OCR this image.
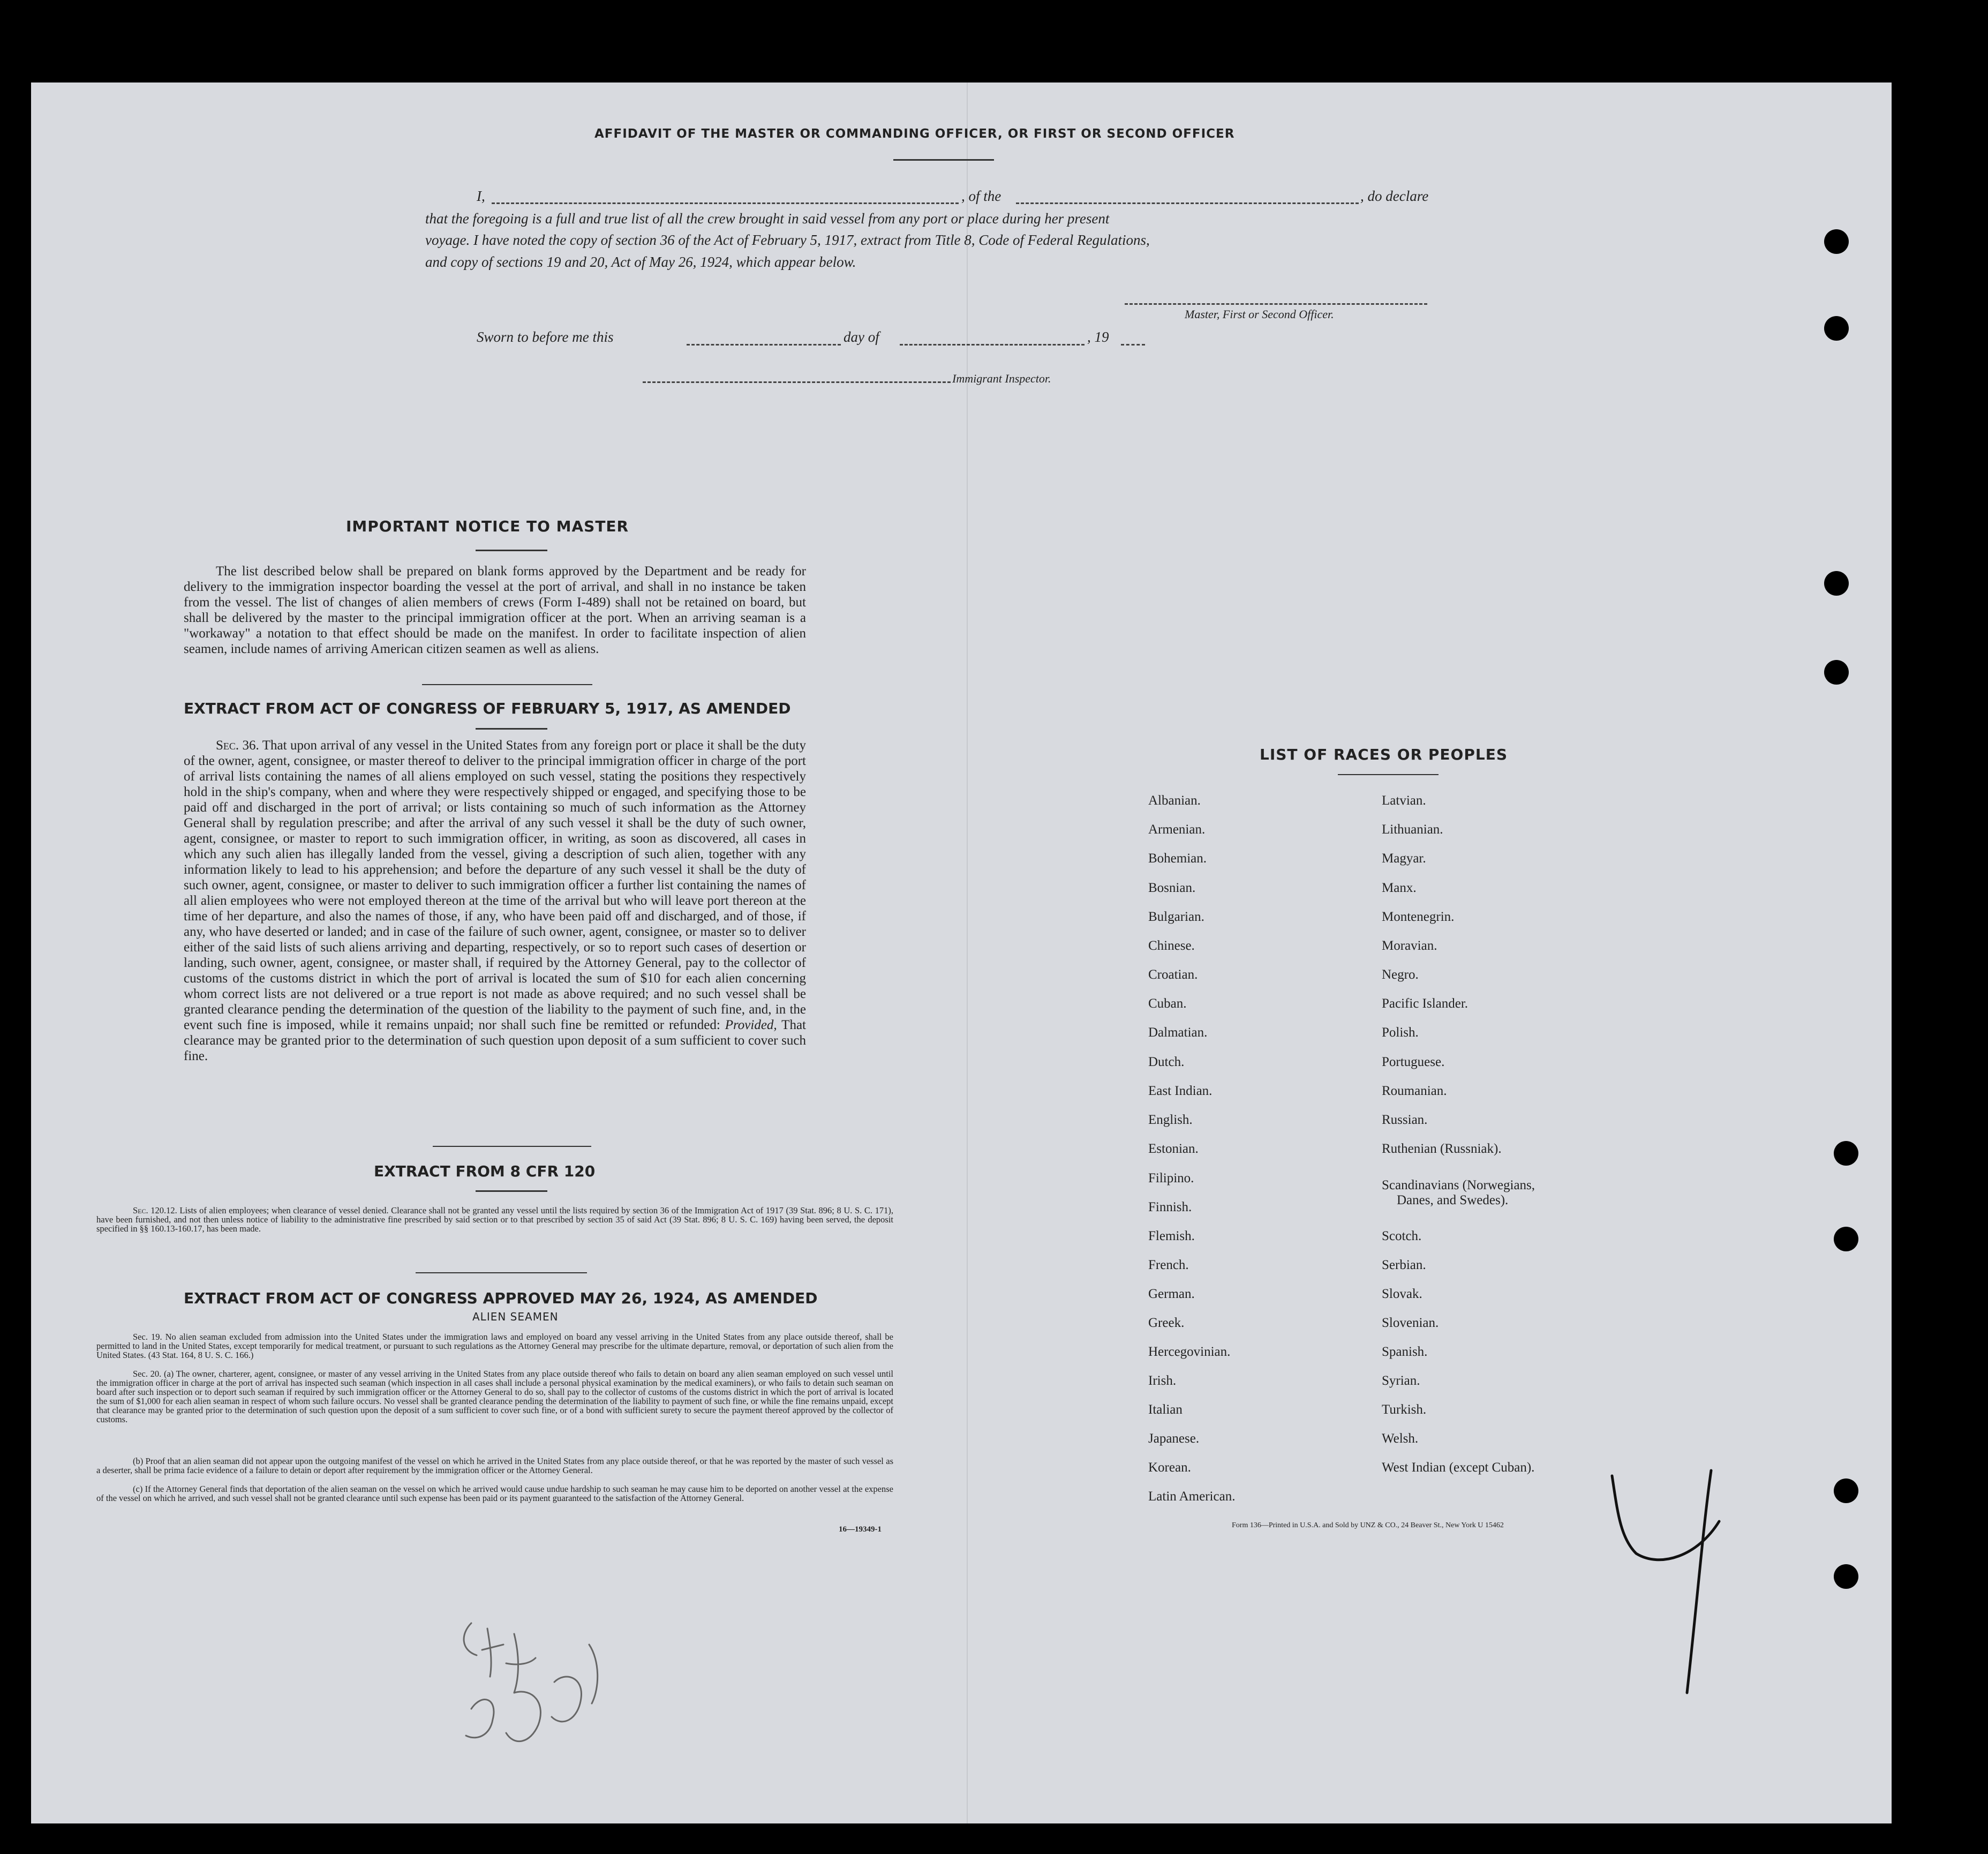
AFFIDAVIT OF THE MASTER OR COMMANDING OFFICER, OR FIRST OR SECOND OFFICER
I,	, of the	, do declare
that the foregoing is a full and true list of all the crew brought in said vessel from any port or place during her present
voyage. I have noted the copy of section 36 of the Act of February 5, 1917, extract from Title 8, Code of Federal Regulations,
and copy of sections 19 and 20, Act of May 26, 1924, which appear below.
Master, First or Second Officer.
Sworn to before me this	day of	, 19
Immigrant Inspector.
IMPORTANT NOTICE TO MASTER
The list described below shall be prepared on blank forms approved by the Department and be ready for delivery to the immigration inspector boarding the vessel at the port of arrival, and shall in no instance be taken from the vessel. The list of changes of alien members of crews (Form I-489) shall not be retained on board, but shall be delivered by the master to the principal immigration officer at the port. When an arriving seaman is a "workaway" a notation to that effect should be made on the manifest. In order to facilitate inspection of alien seamen, include names of arriving American citizen seamen as well as aliens.
EXTRACT FROM ACT OF CONGRESS OF FEBRUARY 5, 1917, AS AMENDED

Sec. 36. That upon arrival of any vessel in the United States from any foreign port or place it shall be the duty of the owner, agent, consignee, or master thereof to deliver to the principal immigration officer in charge of the port of arrival lists containing the names of all aliens employed on such vessel, stating the positions they respectively hold in the ship's company, when and where they were respectively shipped or engaged, and specifying those to be paid off and discharged in the port of arrival; or lists containing so much of such information as the Attorney General shall by regulation prescribe; and after the arrival of any such vessel it shall be the duty of such owner, agent, consignee, or master to report to such immigration officer, in writing, as soon as discovered, all cases in which any such alien has illegally landed from the vessel, giving a description of such alien, together with any information likely to lead to his apprehension; and before the departure of any such vessel it shall be the duty of such owner, agent, consignee, or master to deliver to such immigration officer a further list containing the names of all alien employees who were not employed thereon at the time of the arrival but who will leave port thereon at the time of her departure, and also the names of those, if any, who have been paid off and discharged, and of those, if any, who have deserted or landed; and in case of the failure of such owner, agent, consignee, or master so to deliver either of the said lists of such aliens arriving and departing, respectively, or so to report such cases of desertion or landing, such owner, agent, consignee, or master shall, if required by the Attorney General, pay to the collector of customs of the customs district in which the port of arrival is located the sum of $10 for each alien concerning whom correct lists are not delivered or a true report is not made as above required; and no such vessel shall be granted clearance pending the determination of the question of the liability to the payment of such fine, and, in the event such fine is imposed, while it remains unpaid; nor shall such fine be remitted or refunded: Provided, That clearance may be granted prior to the determination of such question upon deposit of a sum sufficient to cover such fine.

EXTRACT FROM 8 CFR 120

Sec. 120.12. Lists of alien employees; when clearance of vessel denied. Clearance shall not be granted any vessel until the lists required by section 36 of the Immigration Act of 1917 (39 Stat. 896; 8 U. S. C. 171), have been furnished, and not then unless notice of liability to the administrative fine prescribed by said section or to that prescribed by section 35 of said Act (39 Stat. 896; 8 U. S. C. 169) having been served, the deposit specified in §§ 160.13-160.17, has been made.

EXTRACT FROM ACT OF CONGRESS APPROVED MAY 26, 1924, AS AMENDED
ALIEN SEAMEN
Sec. 19. No alien seaman excluded from admission into the United States under the immigration laws and employed on board any vessel arriving in the United States from any place outside thereof, shall be permitted to land in the United States, except temporarily for medical treatment, or pursuant to such regulations as the Attorney General may prescribe for the ultimate departure, removal, or deportation of such alien from the United States. (43 Stat. 164, 8 U. S. C. 166.)
Sec. 20. (a) The owner, charterer, agent, consignee, or master of any vessel arriving in the United States from any place outside thereof who fails to detain on board any alien seaman employed on such vessel until the immigration officer in charge at the port of arrival has inspected such seaman (which inspection in all cases shall include a personal physical examination by the medical examiners), or who fails to detain such seaman on board after such inspection or to deport such seaman if required by such immigration officer or the Attorney General to do so, shall pay to the collector of customs of the customs district in which the port of arrival is located the sum of $1,000 for each alien seaman in respect of whom such failure occurs. No vessel shall be granted clearance pending the determination of the liability to payment of such fine, or while the fine remains unpaid, except that clearance may be granted prior to the determination of such question upon the deposit of a sum sufficient to cover such fine, or of a bond with sufficient surety to secure the payment thereof approved by the collector of customs.
(b) Proof that an alien seaman did not appear upon the outgoing manifest of the vessel on which he arrived in the United States from any place outside thereof, or that he was reported by the master of such vessel as a deserter, shall be prima facie evidence of a failure to detain or deport after requirement by the immigration officer or the Attorney General.
(c) If the Attorney General finds that deportation of the alien seaman on the vessel on which he arrived would cause undue hardship to such seaman he may cause him to be deported on another vessel at the expense of the vessel on which he arrived, and such vessel shall not be granted clearance until such expense has been paid or its payment guaranteed to the satisfaction of the Attorney General.
16—19349-1
LIST OF RACES OR PEOPLES
Albanian.
Armenian.
Bohemian.
Bosnian.
Bulgarian.
Chinese.
Croatian.
Cuban.
Dalmatian.
Dutch.
East Indian.
English.
Estonian.
Filipino.
Finnish.
Flemish.
French.
German.
Greek.
Hercegovinian.
Irish.
Italian
Japanese.
Korean.
Latin American.
Latvian.
Lithuanian.
Magyar.
Manx.
Montenegrin.
Moravian.
Negro.
Pacific Islander.
Polish.
Portuguese.
Roumanian.
Russian.
Ruthenian (Russniak).
Scandinavians (Norwegians,
Danes, and Swedes).
Scotch.
Serbian.
Slovak.
Slovenian.
Spanish.
Syrian.
Turkish.
Welsh.
West Indian (except Cuban).
Form 136—Printed in U.S.A. and Sold by UNZ & CO., 24 Beaver St., New York U 15462
